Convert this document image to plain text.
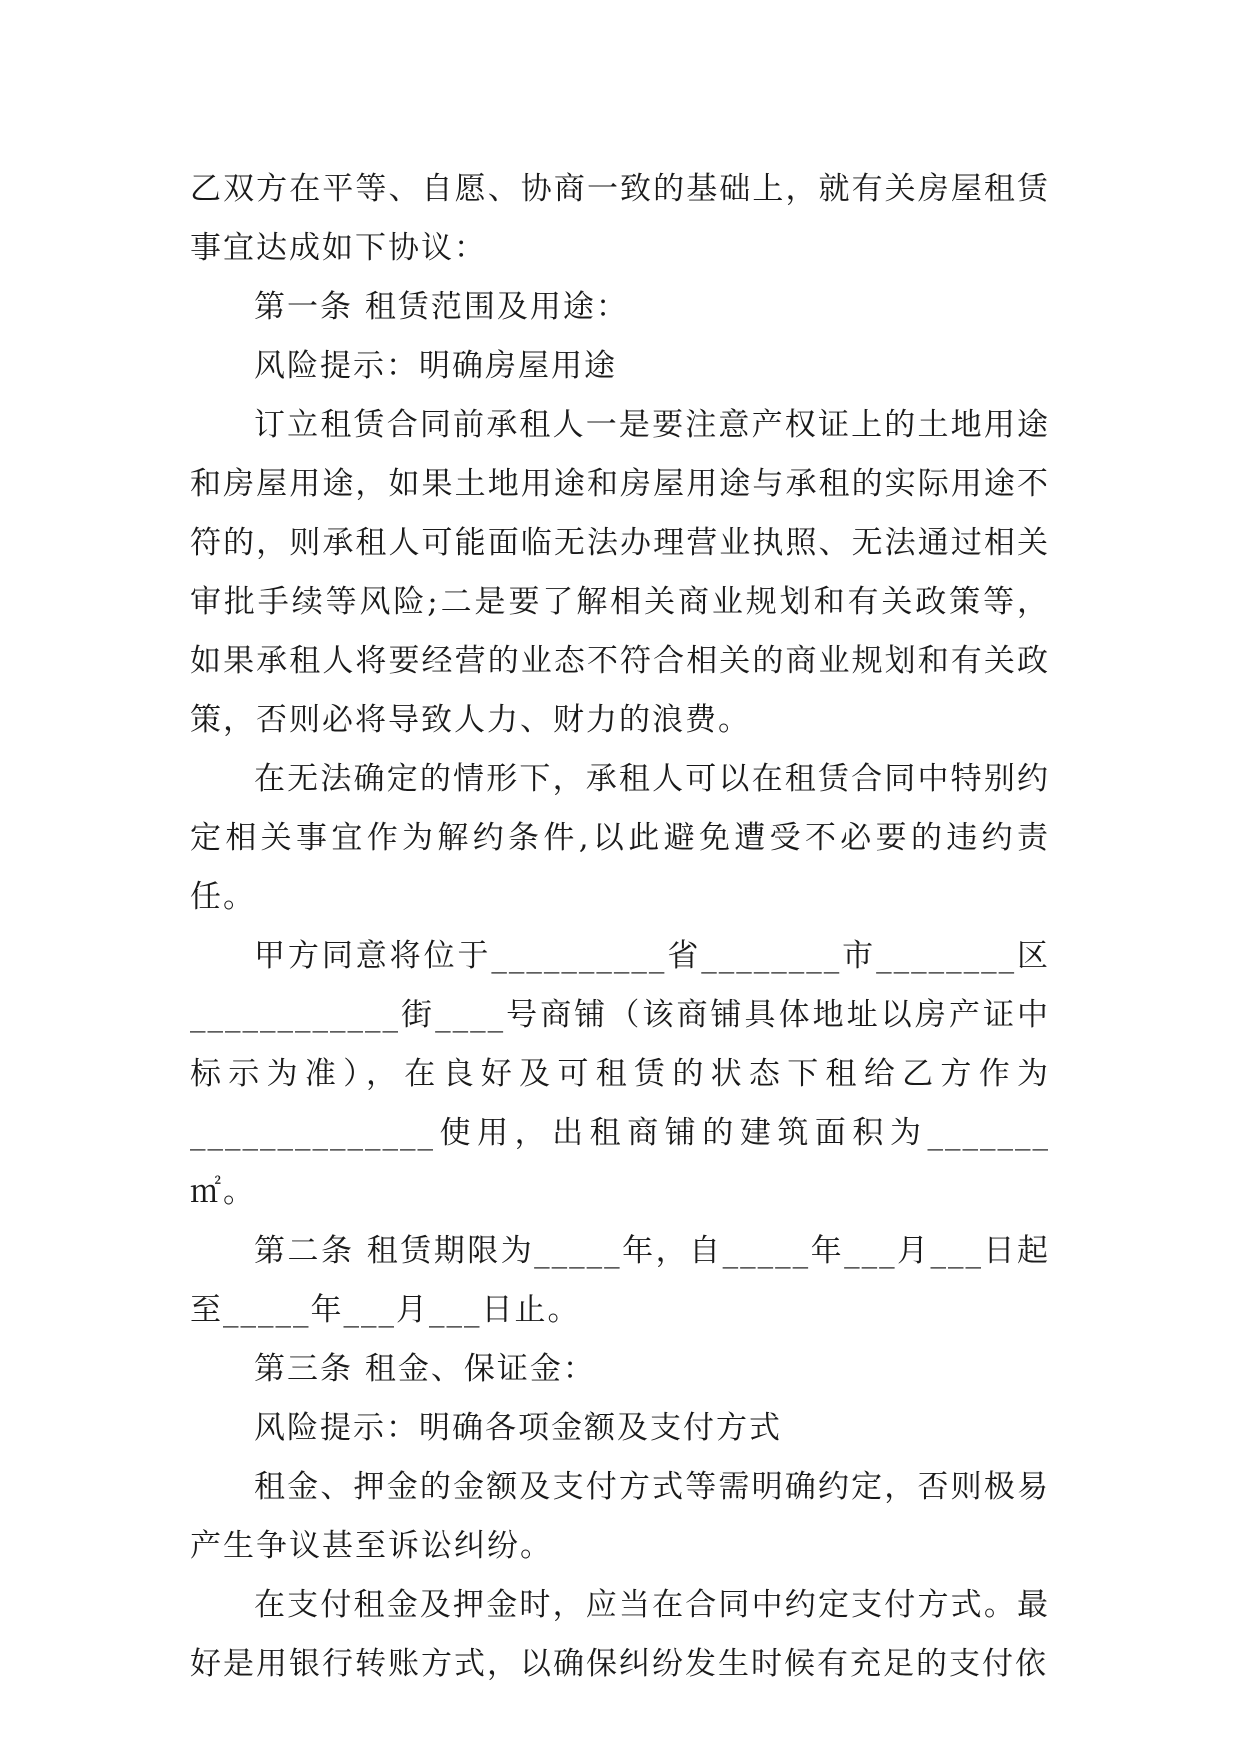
乙双方在平等、自愿、协商一致的基础上，就有关房屋租赁事宜达成如下协议：

第一条 租赁范围及用途：

风险提示：明确房屋用途

订立租赁合同前承租人一是要注意产权证上的土地用途和房屋用途，如果土地用途和房屋用途与承租的实际用途不符的，则承租人可能面临无法办理营业执照、无法通过相关审批手续等风险;二是要了解相关商业规划和有关政策等，如果承租人将要经营的业态不符合相关的商业规划和有关政策，否则必将导致人力、财力的浪费。

在无法确定的情形下，承租人可以在租赁合同中特别约定相关事宜作为解约条件,以此避免遭受不必要的违约责任。

甲方同意将位于__________省________市________区____________街____号商铺（该商铺具体地址以房产证中标示为准），在良好及可租赁的状态下租给乙方作为______________使用，出租商铺的建筑面积为_______㎡。

第二条 租赁期限为_____年，自_____年___月___日起至_____年___月___日止。

第三条 租金、保证金：

风险提示：明确各项金额及支付方式

租金、押金的金额及支付方式等需明确约定，否则极易产生争议甚至诉讼纠纷。

在支付租金及押金时，应当在合同中约定支付方式。最好是用银行转账方式，以确保纠纷发生时候有充足的支付依
